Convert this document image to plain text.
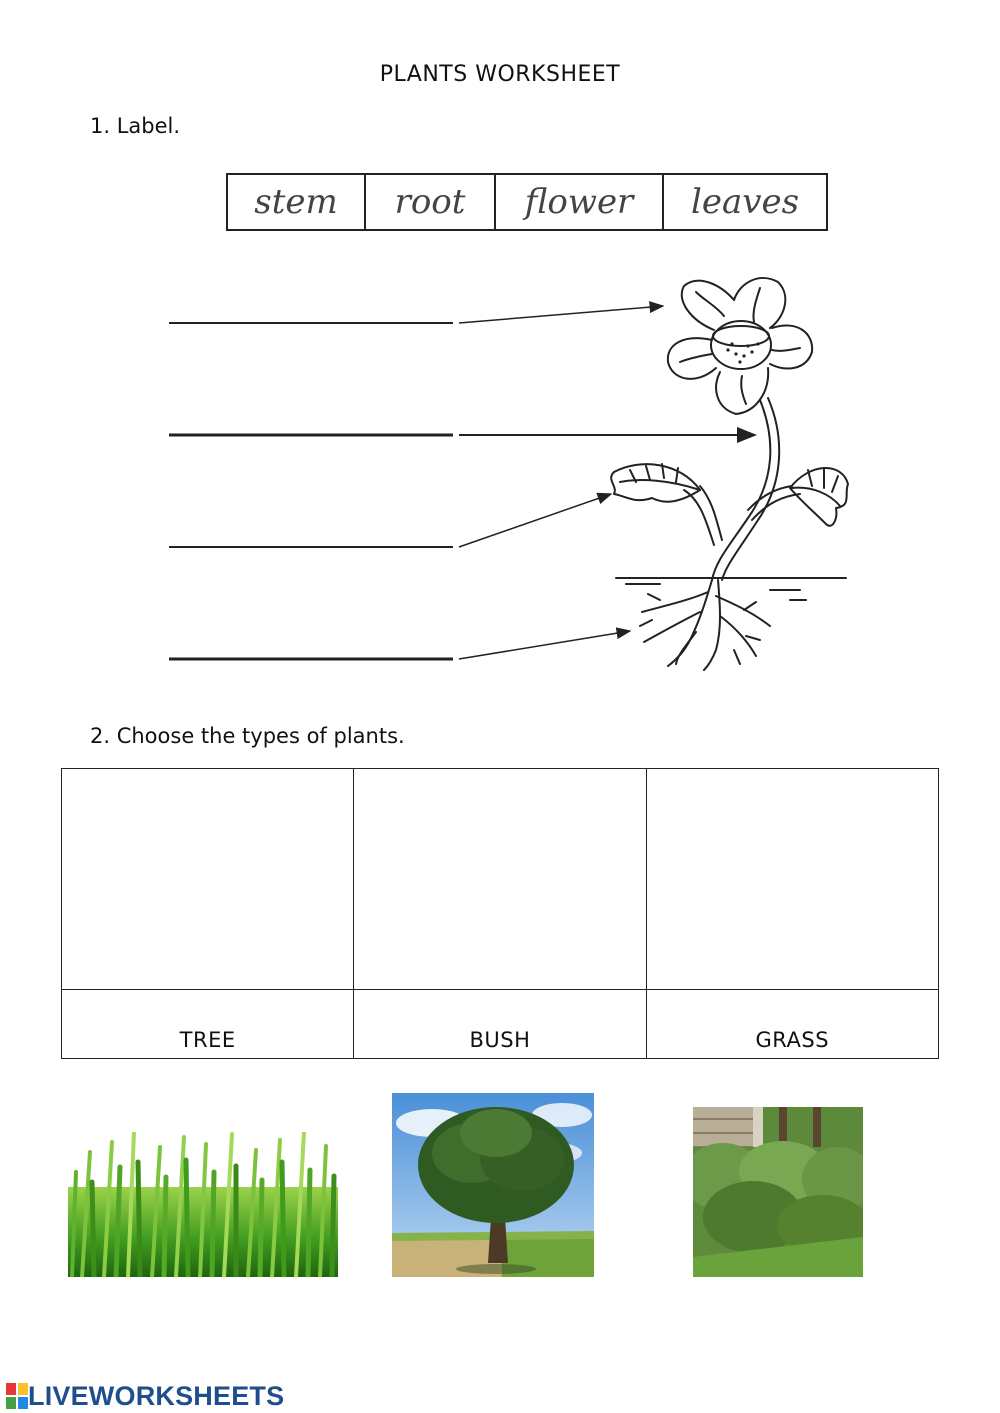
PLANTS WORKSHEET
1. Label.
stem	root	flower	leaves
2. Choose the types of plants.

TREE	BUSH	GRASS
LIVEWORKSHEETS
